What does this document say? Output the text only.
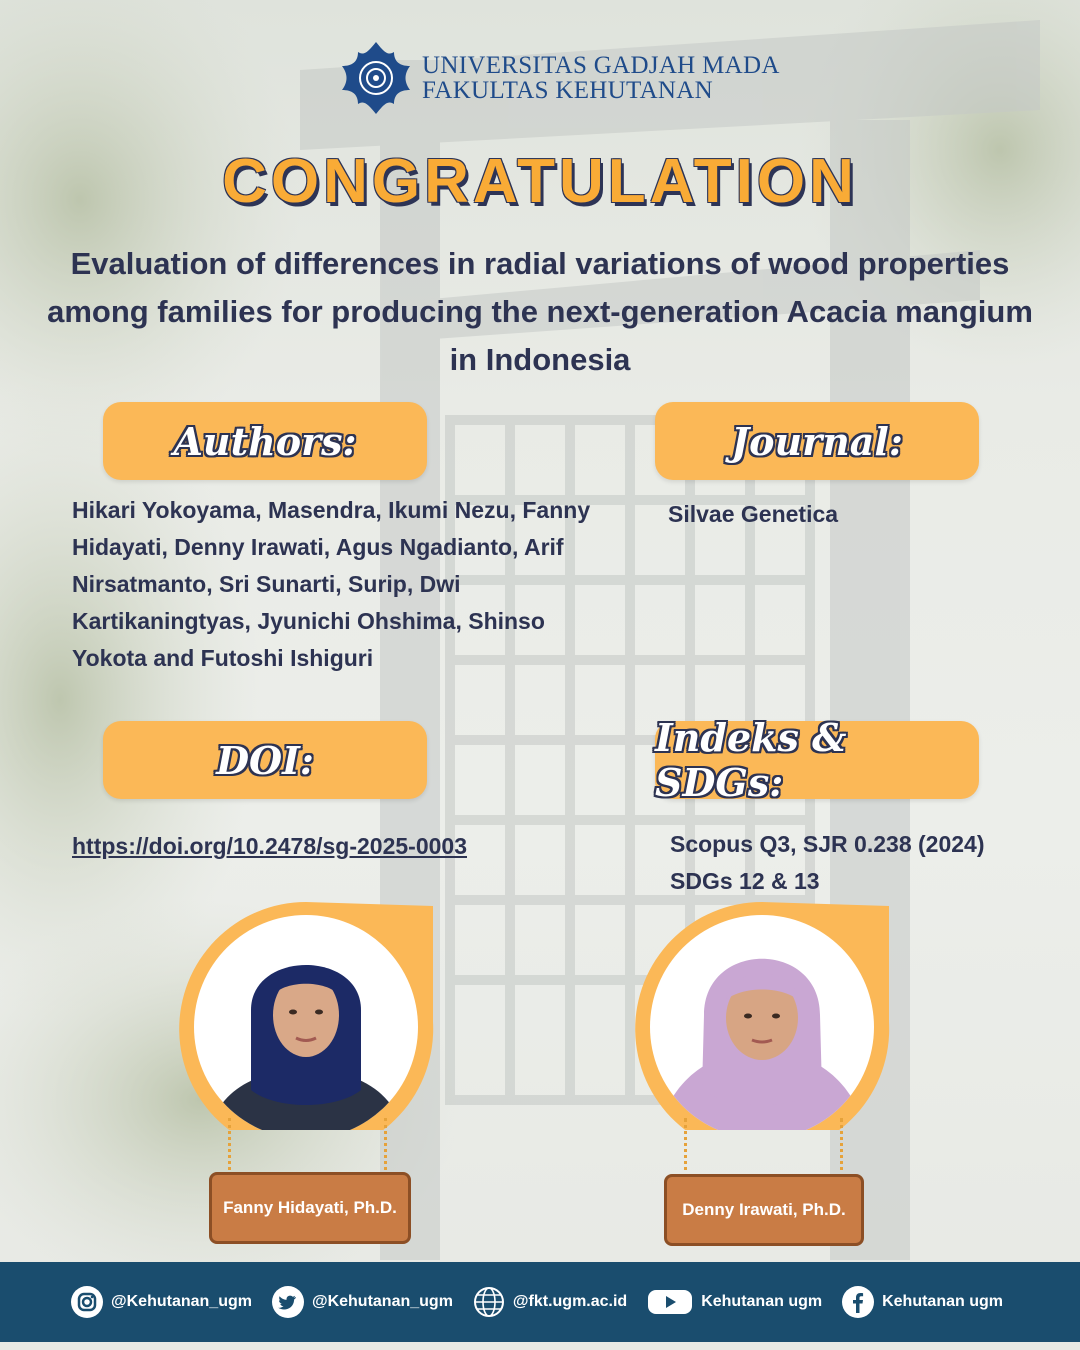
UNIVERSITAS GADJAH MADA
FAKULTAS KEHUTANAN
CONGRATULATION
Evaluation of differences in radial variations of wood properties among families for producing the next-generation Acacia mangium in Indonesia
Authors:	Journal:
DOI:	Indeks & SDGs:
Hikari Yokoyama, Masendra, Ikumi Nezu, Fanny Hidayati, Denny Irawati, Agus Ngadianto, Arif Nirsatmanto, Sri Sunarti, Surip, Dwi Kartikaningtyas, Jyunichi Ohshima, Shinso Yokota and Futoshi Ishiguri
Silvae Genetica
https://doi.org/10.2478/sg-2025-0003	Scopus Q3, SJR 0.238 (2024)
SDGs 12 & 13
Fanny Hidayati, Ph.D.	Denny Irawati, Ph.D.
@Kehutanan_ugm	@Kehutanan_ugm	@fkt.ugm.ac.id	Kehutanan ugm	Kehutanan ugm
